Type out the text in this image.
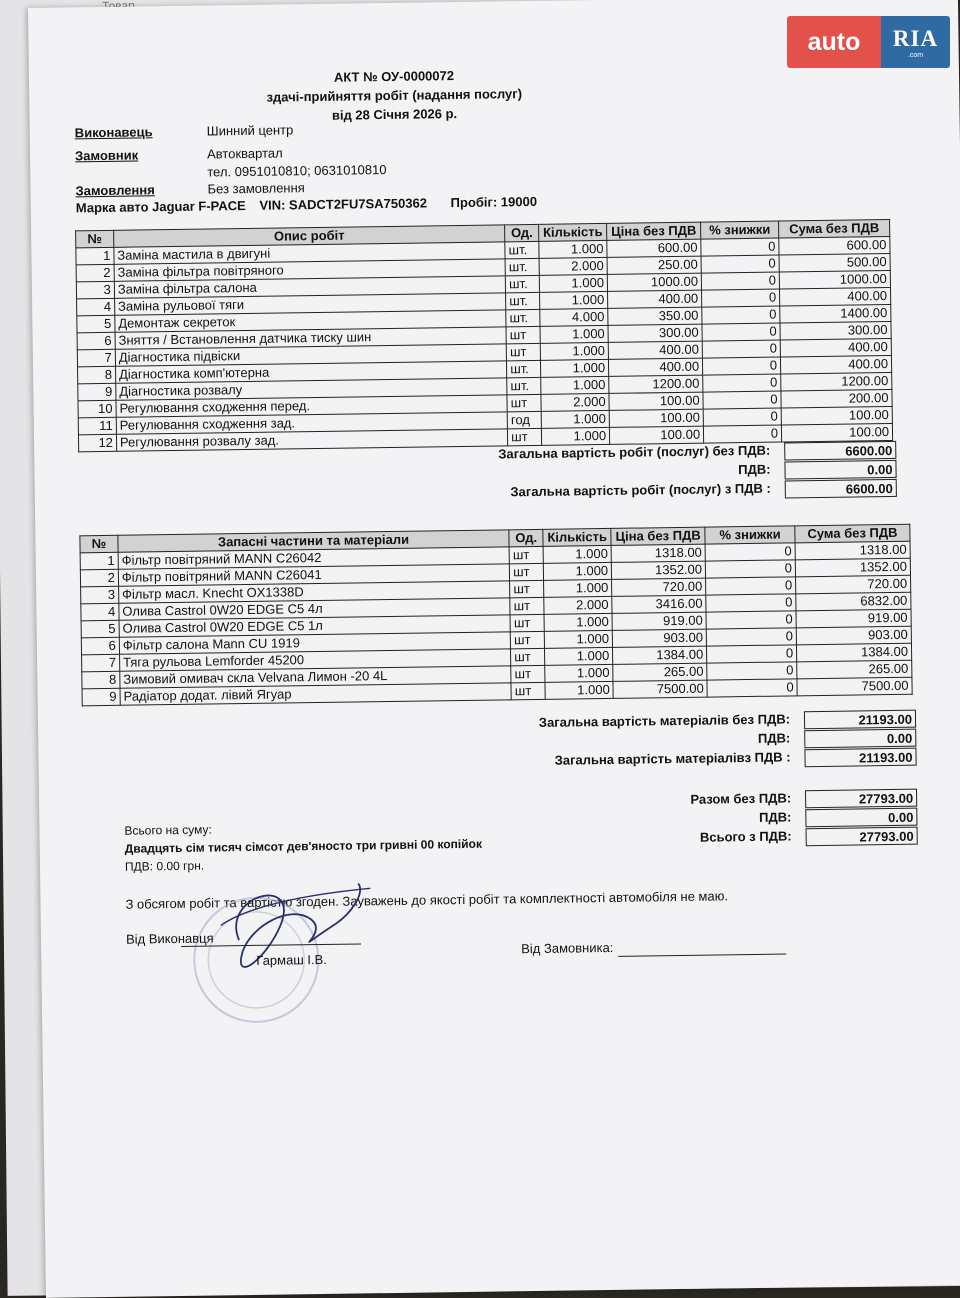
АКТ № ОУ-0000072
здачі-прийняття робіт (надання послуг)
від 28 Січня 2026 р.
Виконавець	Шинний центр
Замовник	Автоквартал
тел. 0951010810; 0631010810
Замовлення	Без замовлення
Марка авто Jaguar F-PACE VIN: SADCT2FU7SA750362 Пробіг: 19000
№	Опис робіт	Од.	Кількість	Ціна без ПДВ	% знижки	Сума без ПДВ
1	Заміна мастила в двигуні	шт.	1.000	600.00	0	600.00
2	Заміна фільтра повітряного	шт.	2.000	250.00	0	500.00
3	Заміна фільтра салона	шт.	1.000	1000.00	0	1000.00
4	Заміна рульової тяги	шт.	1.000	400.00	0	400.00
5	Демонтаж секреток	шт.	4.000	350.00	0	1400.00
6	Зняття / Встановлення датчика тиску шин	шт	1.000	300.00	0	300.00
7	Діагностика підвіски	шт	1.000	400.00	0	400.00
8	Діагностика комп'ютерна	шт.	1.000	400.00	0	400.00
9	Діагностика розвалу	шт.	1.000	1200.00	0	1200.00
10	Регулювання сходження перед.	шт	2.000	100.00	0	200.00
11	Регулювання сходження зад.	год	1.000	100.00	0	100.00
12	Регулювання розвалу зад.	шт	1.000	100.00	0	100.00
Загальна вартість робіт (послуг) без ПДВ:	6600.00
ПДВ:	0.00
Загальна вартість робіт (послуг) з ПДВ :	6600.00
№	Запасні частини та матеріали	Од.	Кількість	Ціна без ПДВ	% знижки	Сума без ПДВ
1	Фільтр повітряний MANN C26042	шт	1.000	1318.00	0	1318.00
2	Фільтр повітряний MANN C26041	шт	1.000	1352.00	0	1352.00
3	Фільтр масл. Knecht OX1338D	шт	1.000	720.00	0	720.00
4	Олива Castrol 0W20 EDGE C5 4л	шт	2.000	3416.00	0	6832.00
5	Олива Castrol 0W20 EDGE C5 1л	шт	1.000	919.00	0	919.00
6	Фільтр салона Mann CU 1919	шт	1.000	903.00	0	903.00
7	Тяга рульова Lemforder 45200	шт	1.000	1384.00	0	1384.00
8	Зимовий омивач скла Velvana Лимон -20 4L	шт	1.000	265.00	0	265.00
9	Радіатор додат. лівий Ягуар	шт	1.000	7500.00	0	7500.00
Загальна вартість матеріалів без ПДВ:	21193.00
ПДВ:	0.00
Загальна вартість матеріалівз ПДВ :	21193.00
Разом без ПДВ:	27793.00
ПДВ:	0.00
Всього з ПДВ:	27793.00
Всього на суму:
Двадцять сім тисяч сімсот дев'яносто три гривні 00 копійок
ПДВ: 0.00 грн.
З обсягом робіт та вартістю згоден. Зауважень до якості робіт та комплектності автомобіля не маю.
Від Виконавця
Гармаш І.В.
Від Замовника:
auto	RIA
.com
